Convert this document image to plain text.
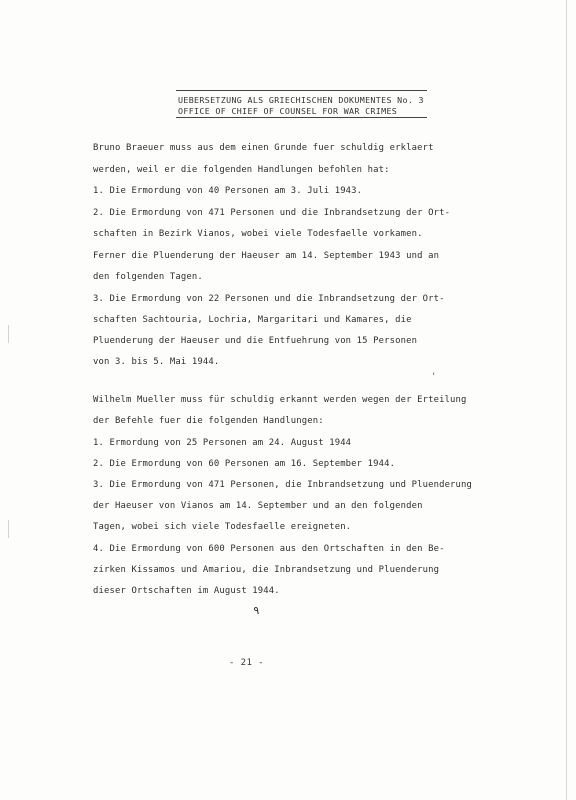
UEBERSETZUNG ALS GRIECHISCHEN DOKUMENTES No. 3
OFFICE OF CHIEF OF COUNSEL FOR WAR CRIMES
Bruno Braeuer muss aus dem einen Grunde fuer schuldig erklaert
werden, weil er die folgenden Handlungen befohlen hat:
1. Die Ermordung von 40 Personen am 3. Juli 1943.
2. Die Ermordung von 471 Personen und die Inbrandsetzung der Ort-
schaften in Bezirk Vianos, wobei viele Todesfaelle vorkamen.
Ferner die Pluenderung der Haeuser am 14. September 1943 und an
den folgenden Tagen.
3. Die Ermordung von 22 Personen und die Inbrandsetzung der Ort-
schaften Sachtouria, Lochria, Margaritari und Kamares, die
Pluenderung der Haeuser und die Entfuehrung von 15 Personen
von 3. bis 5. Mai 1944.
'
Wilhelm Mueller muss für schuldig erkannt werden wegen der Erteilung
der Befehle fuer die folgenden Handlungen:
1. Ermordung von 25 Personen am 24. August 1944
2. Die Ermordung von 60 Personen am 16. September 1944.
3. Die Ermordung von 471 Personen, die Inbrandsetzung und Pluenderung
der Haeuser von Vianos am 14. September und an den folgenden
Tagen, wobei sich viele Todesfaelle ereigneten.
4. Die Ermordung von 600 Personen aus den Ortschaften in den Be-
zirken Kissamos und Amariou, die Inbrandsetzung und Pluenderung
dieser Ortschaften im August 1944.
٩
- 21 -
